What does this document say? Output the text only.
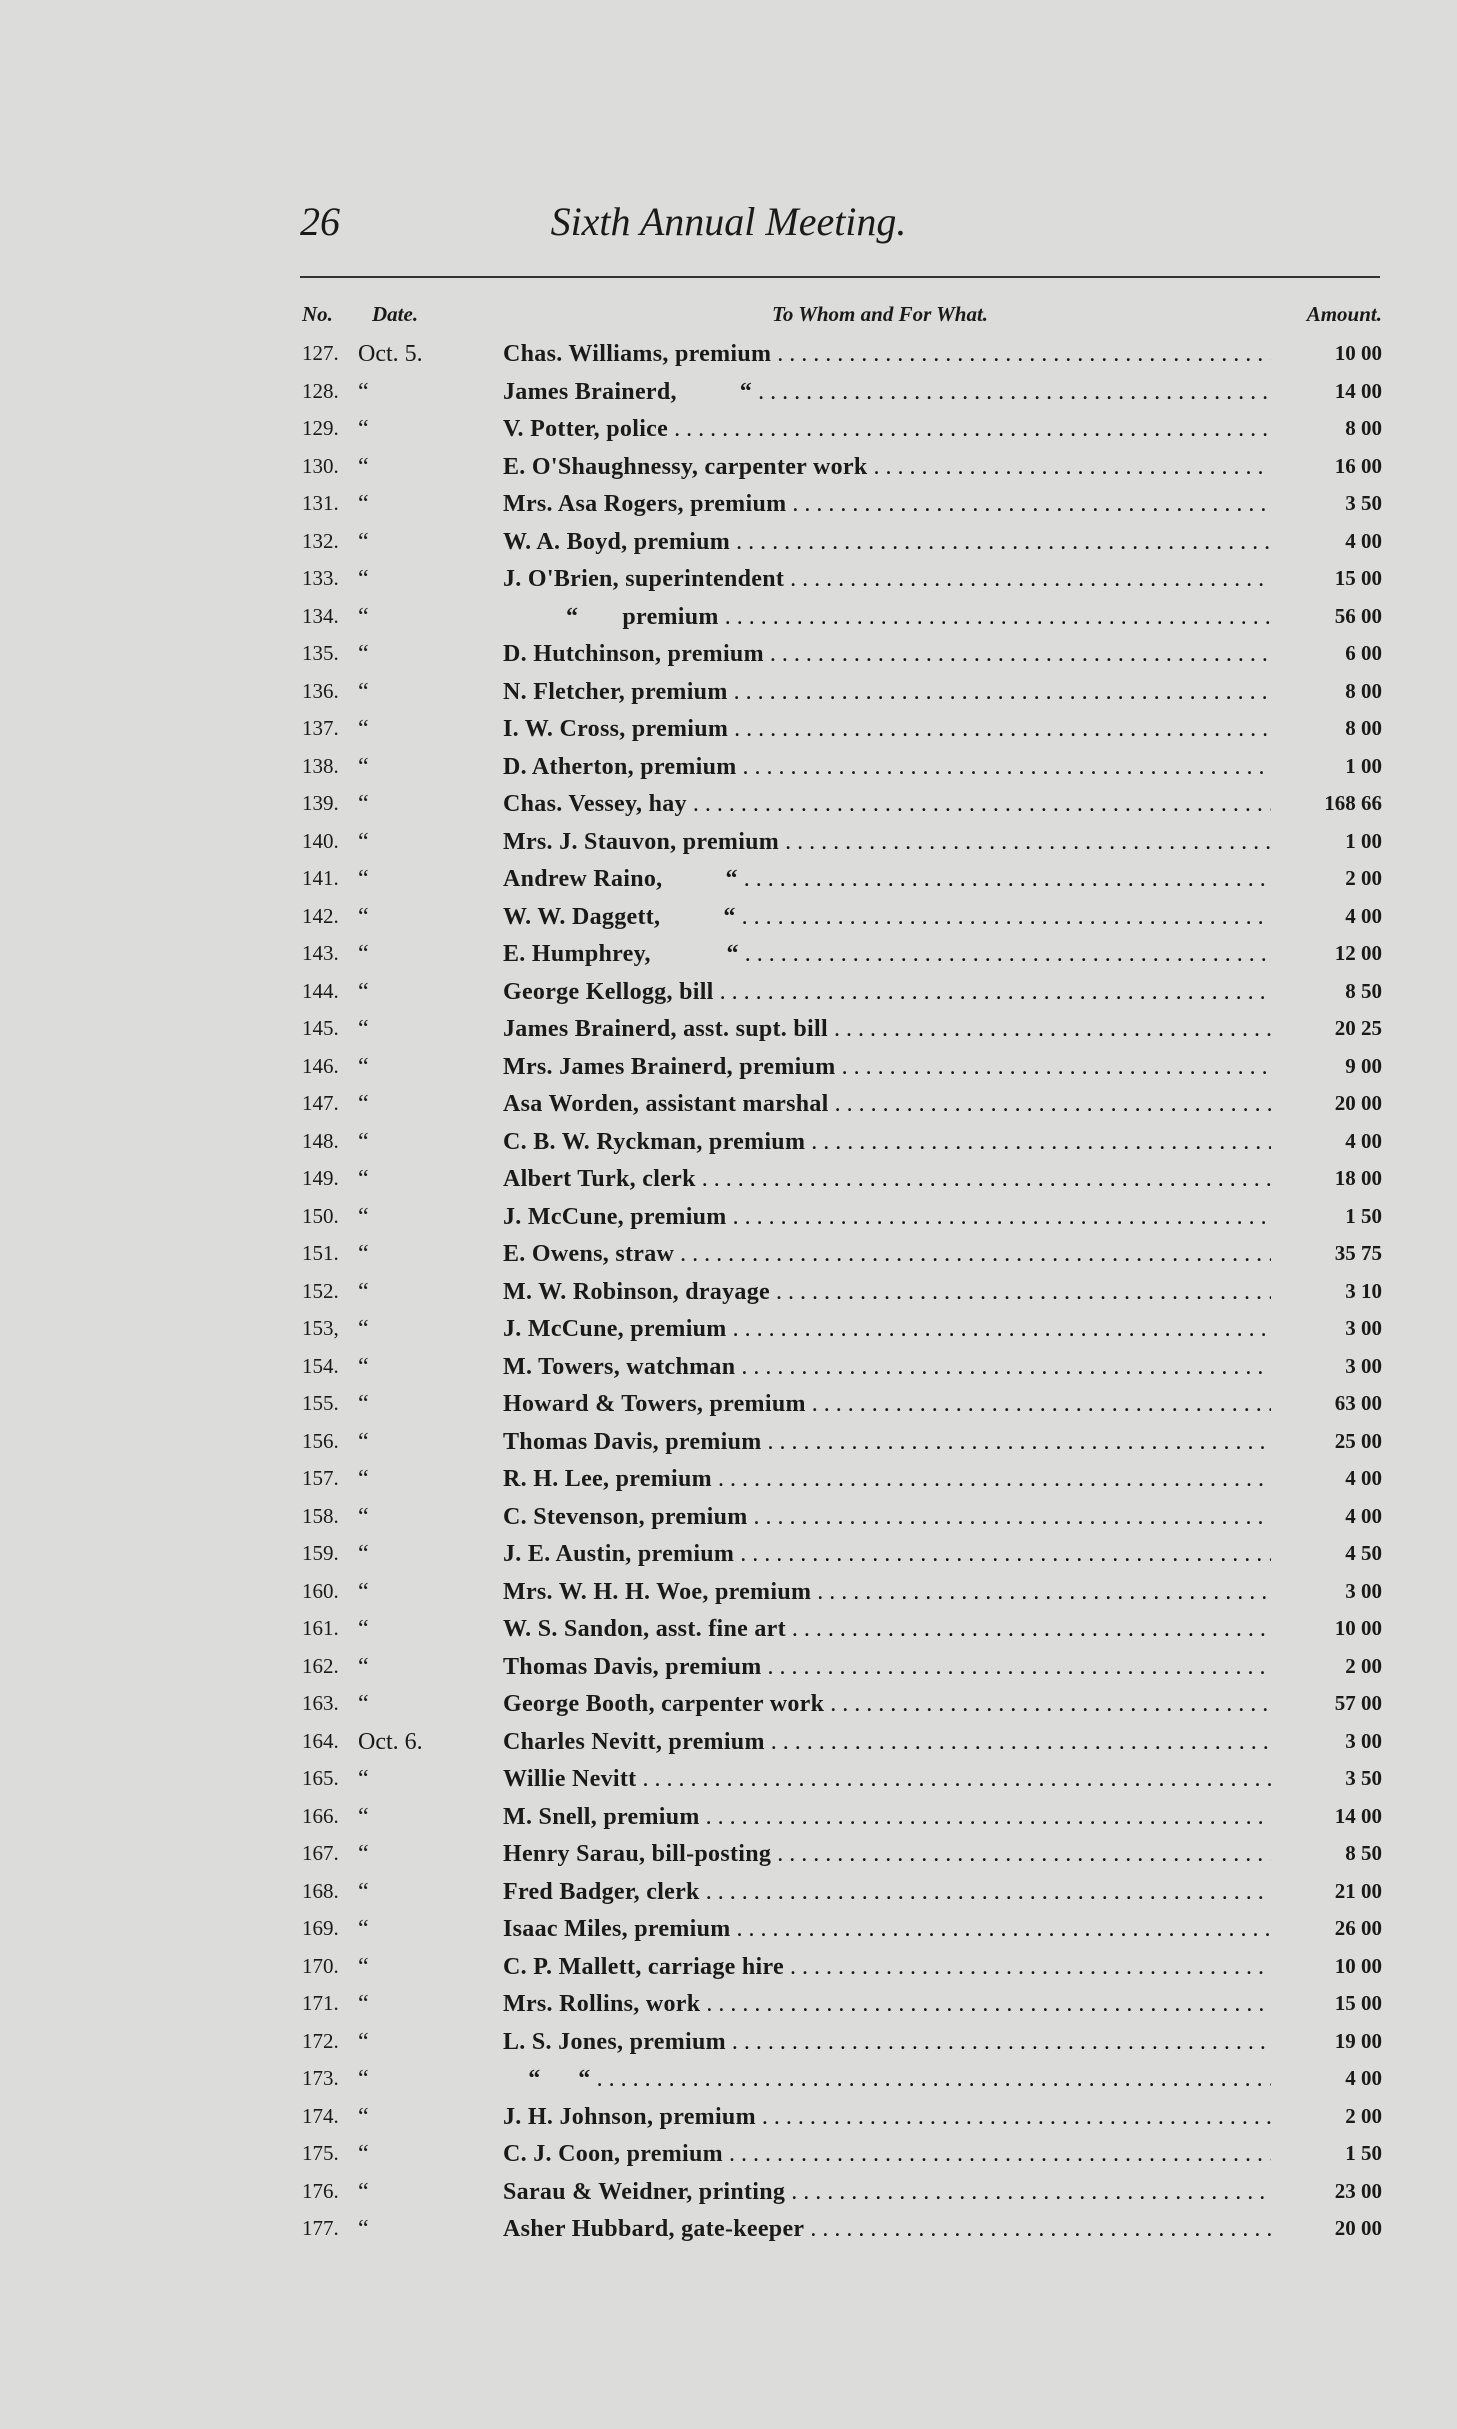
26	Sixth Annual Meeting.
No. Date.	To Whom and For What.	Amount.
127. Oct. 5.	Chas. Williams, premium . . .	10 00
128. “	James Brainerd,          “ . . .	14 00
129. “	V. Potter, police . . .	8 00
130. “	E. O'Shaughnessy, carpenter work . . .	16 00
131. “	Mrs. Asa Rogers, premium . . .	3 50
132. “	W. A. Boyd, premium . . .	4 00
133. “	J. O'Brien, superintendent . . .	15 00
134. “	“       premium . . .	56 00
135. “	D. Hutchinson, premium . . .	6 00
136. “	N. Fletcher, premium . . .	8 00
137. “	I. W. Cross, premium . . .	8 00
138. “	D. Atherton, premium . . .	1 00
139. “	Chas. Vessey, hay . . .	168 66
140. “	Mrs. J. Stauvon, premium . . .	1 00
141. “	Andrew Raino,          “ . . .	2 00
142. “	W. W. Daggett,          “ . . .	4 00
143. “	E. Humphrey,            “ . . .	12 00
144. “	George Kellogg, bill . . .	8 50
145. “	James Brainerd, asst. supt. bill . . .	20 25
146. “	Mrs. James Brainerd, premium . . .	9 00
147. “	Asa Worden, assistant marshal . . .	20 00
148. “	C. B. W. Ryckman, premium . . .	4 00
149. “	Albert Turk, clerk . . .	18 00
150. “	J. McCune, premium . . .	1 50
151. “	E. Owens, straw . . .	35 75
152. “	M. W. Robinson, drayage . . .	3 10
153, “	J. McCune, premium . . .	3 00
154. “	M. Towers, watchman . . .	3 00
155. “	Howard & Towers, premium . . .	63 00
156. “	Thomas Davis, premium . . .	25 00
157. “	R. H. Lee, premium . . .	4 00
158. “	C. Stevenson, premium . . .	4 00
159. “	J. E. Austin, premium . . .	4 50
160. “	Mrs. W. H. H. Woe, premium . . .	3 00
161. “	W. S. Sandon, asst. fine art . . .	10 00
162. “	Thomas Davis, premium . . .	2 00
163. “	George Booth, carpenter work . . .	57 00
164. Oct. 6.	Charles Nevitt, premium . . .	3 00
165. “	Willie Nevitt . . .	3 50
166. “	M. Snell, premium . . .	14 00
167. “	Henry Sarau, bill-posting . . .	8 50
168. “	Fred Badger, clerk . . .	21 00
169. “	Isaac Miles, premium . . .	26 00
170. “	C. P. Mallett, carriage hire . . .	10 00
171. “	Mrs. Rollins, work . . .	15 00
172. “	L. S. Jones, premium . . .	19 00
173. “	“      “ . . .	4 00
174. “	J. H. Johnson, premium . . .	2 00
175. “	C. J. Coon, premium . . .	1 50
176. “	Sarau & Weidner, printing . . .	23 00
177. “	Asher Hubbard, gate-keeper . . .	20 00
